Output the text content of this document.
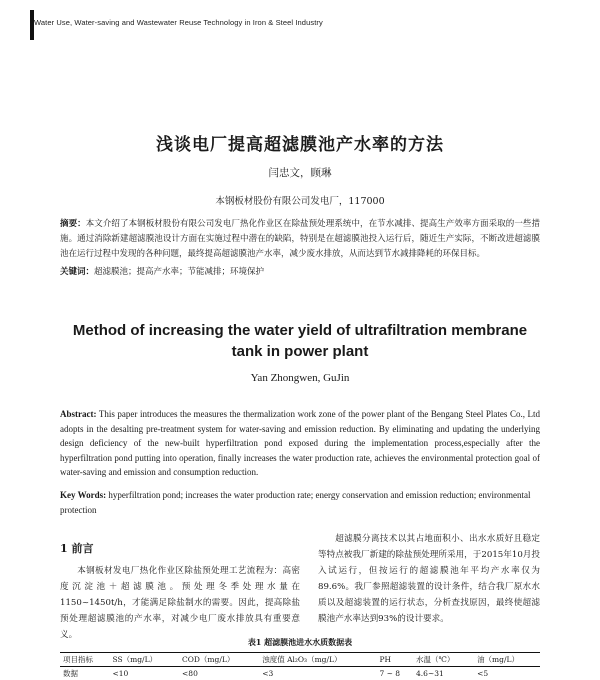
Water Use, Water-saving and Wastewater Reuse Technology in Iron & Steel Industry
浅谈电厂提高超滤膜池产水率的方法
闫忠文，顾琳
本钢板材股份有限公司发电厂，117000
摘要：本文介绍了本钢板材股份有限公司发电厂热化作业区在除盐预处理系统中，在节水减排、提高生产效率方面采取的一些措施。通过消除新建超滤膜池设计方面在实施过程中潜在的缺陷，特别是在超滤膜池投入运行后，随近生产实际，不断改进超滤膜池在运行过程中发现的各种问题，最终提高超滤膜池产水率，减少废水排放，从而达到节水减排降耗的环保目标。
关键词：超滤膜池；提高产水率；节能减排；环境保护
Method of increasing the water yield of ultrafiltration membrane
tank in power plant
Yan Zhongwen, GuJin
Abstract: This paper introduces the measures the thermalization work zone of the power plant of the Bengang Steel Plates Co., Ltd adopts in the desalting pre-treatment system for water-saving and emission reduction. By eliminating and updating the underlying design deficiency of the new-built hyperfiltration pond exposed during the implementation process,especially after the hyperfiltration pond putting into operation, finally increases the water production rate, achieves the environmental protection goal of water-saving and emission and consumption reduction.
Key Words: hyperfiltration pond; increases the water production rate; energy conservation and emission reduction; environmental protection
1 前言
本钢板材发电厂热化作业区除盐预处理工艺流程为：高密度沉淀池＋超滤膜池。预处理冬季处理水量在1150~1450t/h，才能满足除盐制水的需要。因此，提高除盐预处理超滤膜池的产水率，对减少电厂废水排放具有重要意义。
超滤膜分离技术以其占地面积小、出水水质好且稳定等特点被我厂新建的除盐预处理所采用，于2015年10月投入试运行，但按运行的超滤膜池年平均产水率仅为89.6%。我厂参照超滤装置的设计条件，结合我厂原水水质以及超滤装置的运行状态，分析查找原因，最终使超滤膜池产水率达到93%的设计要求。
表1 超滤膜池进水水质数据表
项目指标	SS（mg/L）	COD（mg/L）	浊度值 Al₂O₃（mg/L）	PH	水温（℃）	油（mg/L）
数据	<10	<80	<3	7 ~ 8	4.6~31	<5
